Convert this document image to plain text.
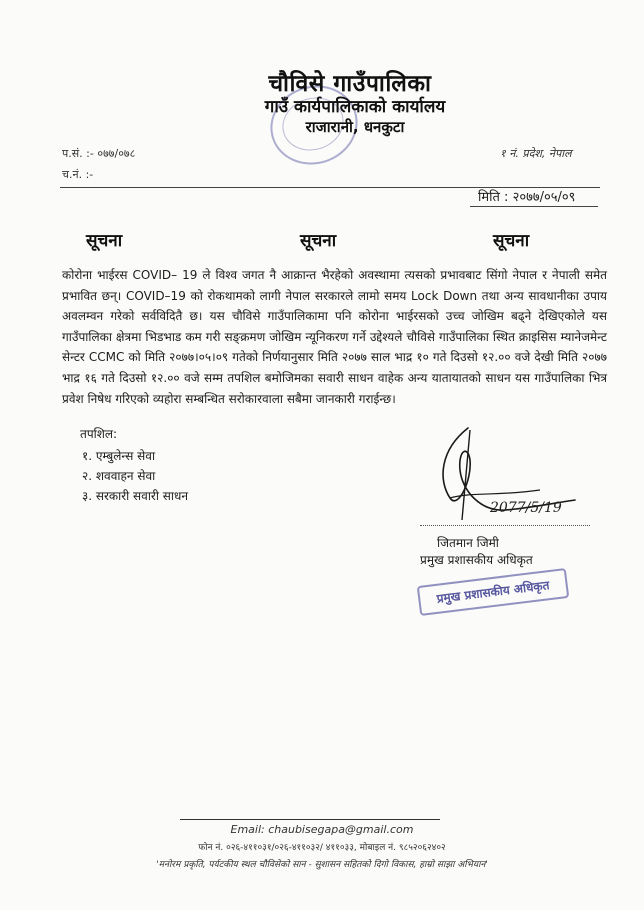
चौविसे गाउँपालिका
गाउँ कार्यपालिकाको कार्यालय
राजारानी, धनकुटा
प.सं. :- ०७७/०७८
च.नं. :-
१ नं. प्रदेश, नेपाल
मिति : २०७७/०५/०९
सूचना	सूचना	सूचना
कोरोना भाईरस COVID– 19 ले विश्व जगत नै आक्रान्त भैरहेको अवस्थामा त्यसको प्रभावबाट सिंगो नेपाल र नेपाली समेत प्रभावित छन्। COVID–19 को रोकथामको लागी नेपाल सरकारले लामो समय Lock Down तथा अन्य सावधानीका उपाय अवलम्वन गरेको सर्वविदितै छ। यस चौविसे गाउँपालिकामा पनि कोरोना भाईरसको उच्च जोखिम बढ्ने देखिएकोले यस गाउँपालिका क्षेत्रमा भिडभाड कम गरी सङ्क्रमण जोखिम न्यूनिकरण गर्ने उद्देश्यले चौविसे गाउँपालिका स्थित क्राइसिस म्यानेजमेन्ट सेन्टर CCMC को मिति २०७७।०५।०९ गतेको निर्णयानुसार मिति २०७७ साल भाद्र १० गते दिउसो १२.०० वजे देखी मिति २०७७ भाद्र १६ गते दिउसो १२.०० वजे सम्म तपशिल बमोजिमका सवारी साधन वाहेक अन्य यातायातको साधन यस गाउँपालिका भित्र प्रवेश निषेध गरिएको व्यहोरा सम्बन्धित सरोकारवाला सबैमा जानकारी गराईन्छ।
तपशिल:
१. एम्बुलेन्स सेवा
२. शववाहन सेवा
३. सरकारी सवारी साधन
2077/5/19
जितमान जिमी
प्रमुख प्रशासकीय अधिकृत
प्रमुख प्रशासकीय अधिकृत
Email: chaubisegapa@gmail.com
फोन नं. ०२६-४११०३१/०२६-४११०३२/ ४११०३३, मोबाइल नं. ९८५२०६२४०२
'मनोरम प्रकृति, पर्यटकीय स्थल चौविसेको सान - सुशासन सहितको दिगो विकास, हाम्रो साझा अभियान'
